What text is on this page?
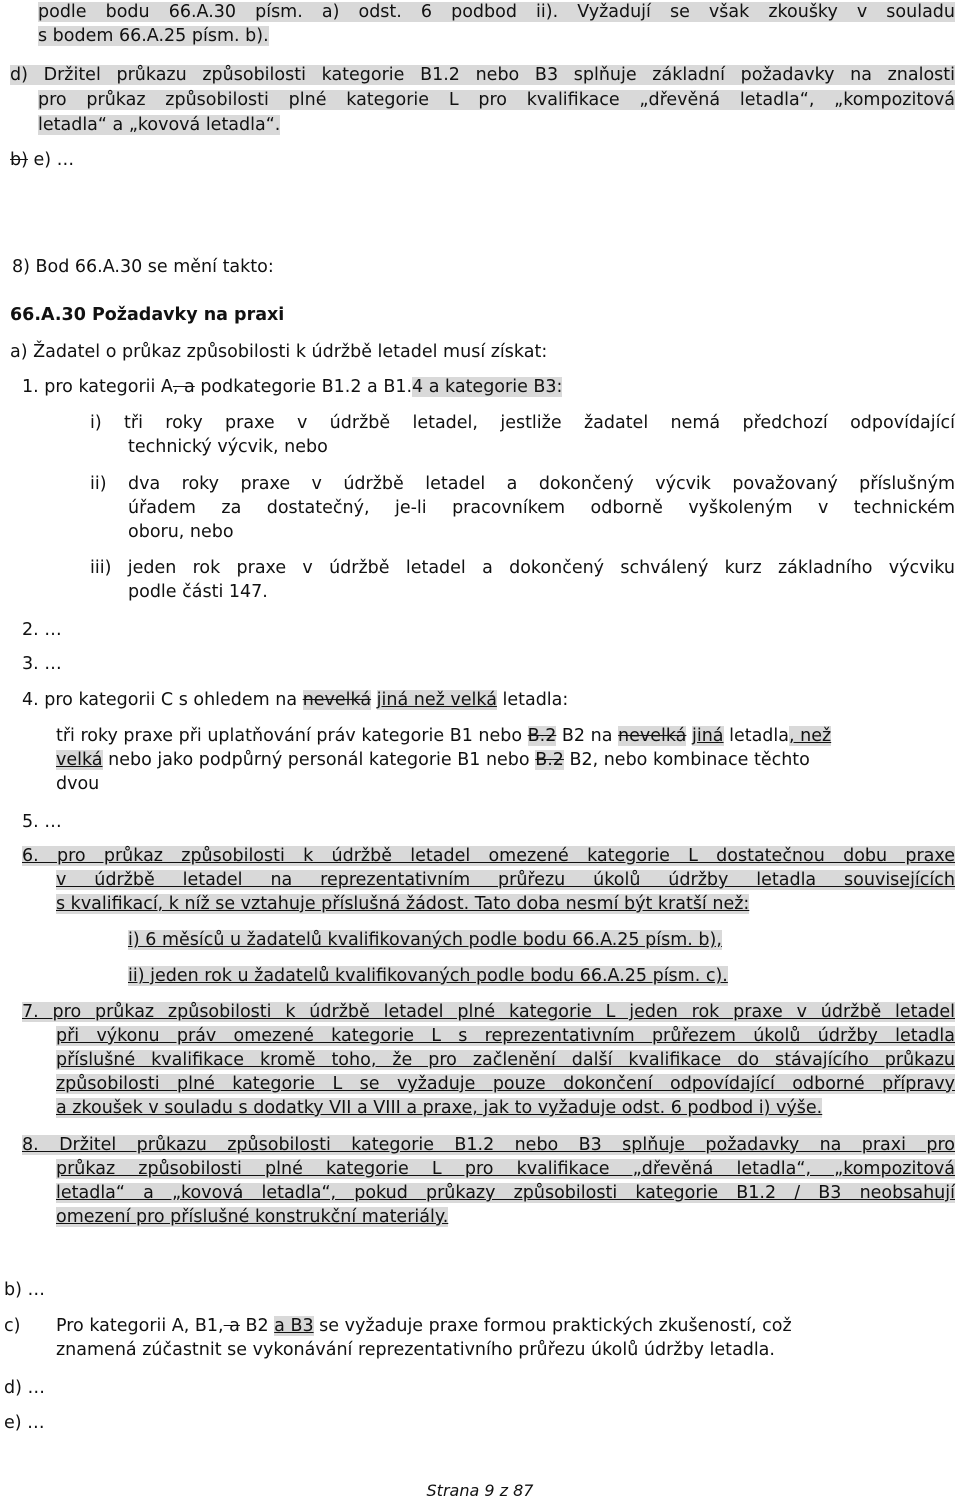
podle bodu 66.A.30 písm. a) odst. 6 podbod ii). Vyžadují se však zkoušky v souladu
s bodem 66.A.25 písm. b).
d) Držitel průkazu způsobilosti kategorie B1.2 nebo B3 splňuje základní požadavky na znalosti
pro průkaz způsobilosti plné kategorie L pro kvalifikace „dřevěná letadla“, „kompozitová
letadla“ a „kovová letadla“.
b) e) …
8) Bod 66.A.30 se mění takto:
66.A.30 Požadavky na praxi
a) Žadatel o průkaz způsobilosti k údržbě letadel musí získat:
1. pro kategorii A, a podkategorie B1.2 a B1.4 a kategorie B3:
i) tři roky praxe v údržbě letadel, jestliže žadatel nemá předchozí odpovídající
technický výcvik, nebo
ii) dva roky praxe v údržbě letadel a dokončený výcvik považovaný příslušným
úřadem za dostatečný, je-li pracovníkem odborně vyškoleným v technickém
oboru, nebo
iii) jeden rok praxe v údržbě letadel a dokončený schválený kurz základního výcviku
podle části 147.
2. …
3. …
4. pro kategorii C s ohledem na nevelká jiná než velká letadla:
tři roky praxe při uplatňování práv kategorie B1 nebo B.2 B2 na nevelká jiná letadla, než
velká nebo jako podpůrný personál kategorie B1 nebo B.2 B2, nebo kombinace těchto
dvou
5. …
6. pro průkaz způsobilosti k údržbě letadel omezené kategorie L dostatečnou dobu praxe
v údržbě letadel na reprezentativním průřezu úkolů údržby letadla souvisejících
s kvalifikací, k níž se vztahuje příslušná žádost. Tato doba nesmí být kratší než:
i) 6 měsíců u žadatelů kvalifikovaných podle bodu 66.A.25 písm. b),
ii) jeden rok u žadatelů kvalifikovaných podle bodu 66.A.25 písm. c).
7. pro průkaz způsobilosti k údržbě letadel plné kategorie L jeden rok praxe v údržbě letadel
při výkonu práv omezené kategorie L s reprezentativním průřezem úkolů údržby letadla
příslušné kvalifikace kromě toho, že pro začlenění další kvalifikace do stávajícího průkazu
způsobilosti plné kategorie L se vyžaduje pouze dokončení odpovídající odborné přípravy
a zkoušek v souladu s dodatky VII a VIII a praxe, jak to vyžaduje odst. 6 podbod i) výše.
8. Držitel průkazu způsobilosti kategorie B1.2 nebo B3 splňuje požadavky na praxi pro
průkaz způsobilosti plné kategorie L pro kvalifikace „dřevěná letadla“, „kompozitová
letadla“ a „kovová letadla“, pokud průkazy způsobilosti kategorie B1.2 / B3 neobsahují
omezení pro příslušné konstrukční materiály.
b) …
c) Pro kategorii A, B1, a B2 a B3 se vyžaduje praxe formou praktických zkušeností, což
znamená zúčastnit se vykonávání reprezentativního průřezu úkolů údržby letadla.
d) …
e) …
Strana 9 z 87
